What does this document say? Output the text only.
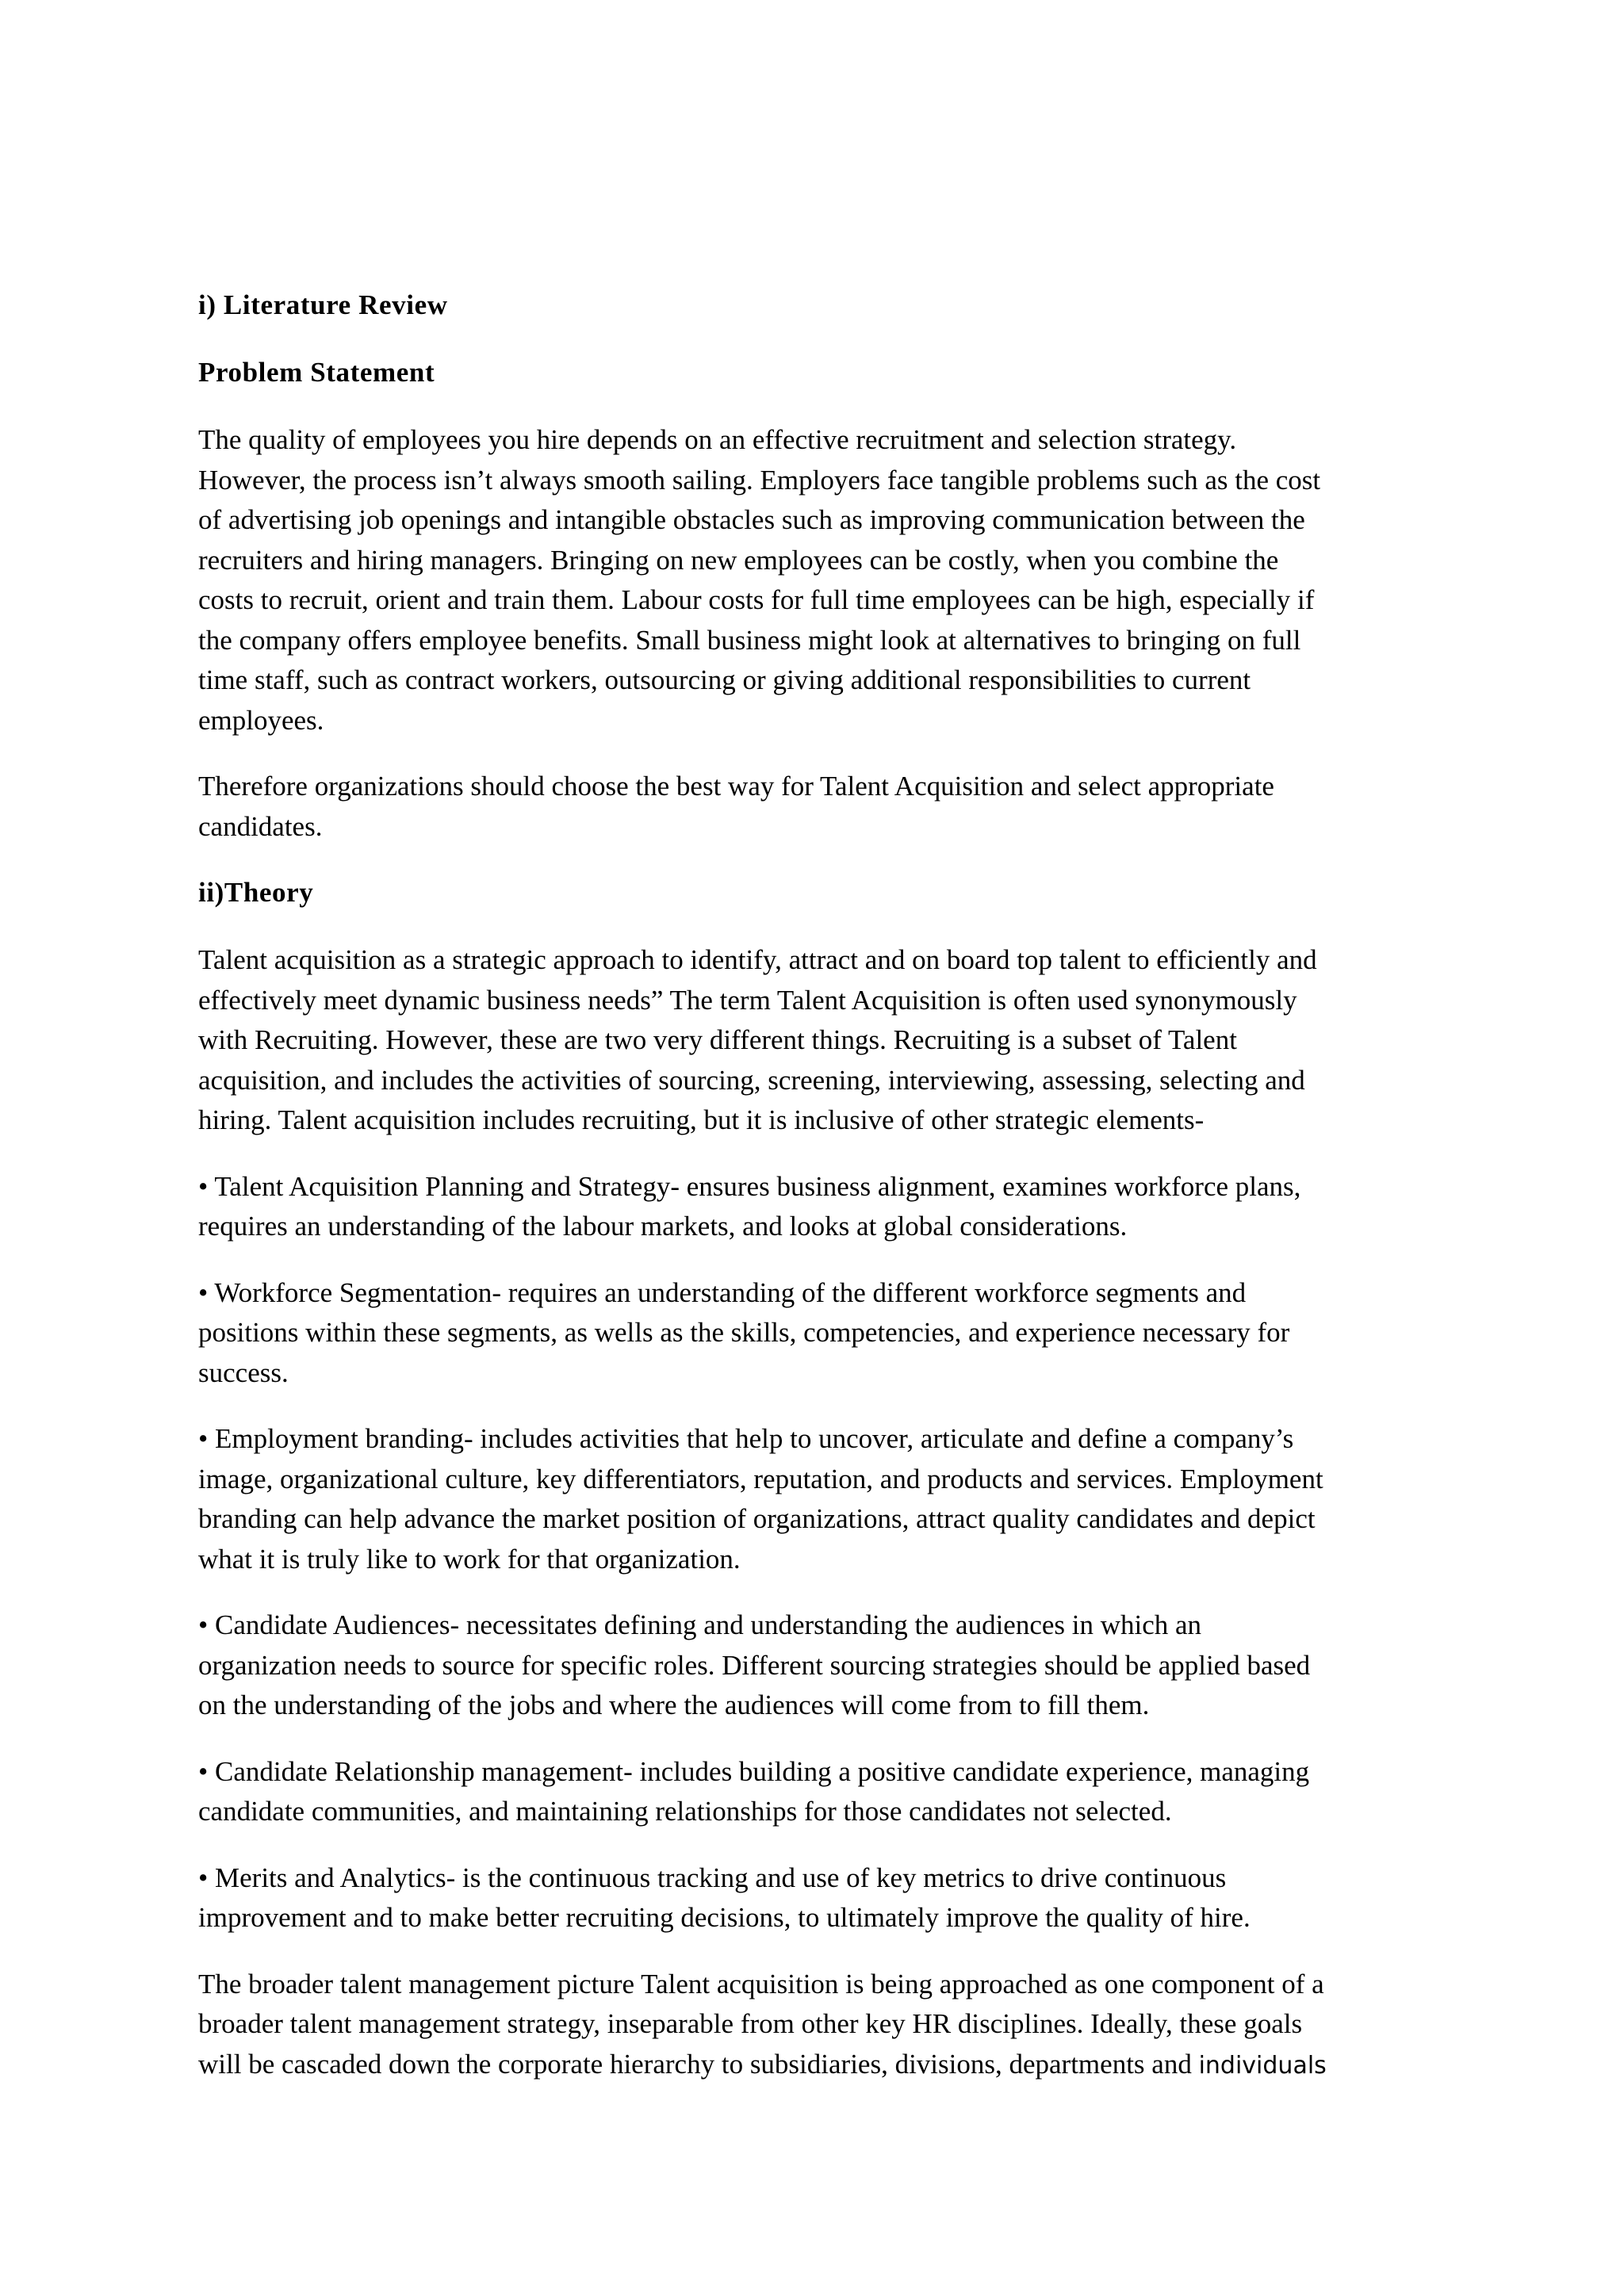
i) Literature Review
Problem Statement
The quality of employees you hire depends on an effective recruitment and selection strategy.
However, the process isn’t always smooth sailing. Employers face tangible problems such as the cost
of advertising job openings and intangible obstacles such as improving communication between the
recruiters and hiring managers. Bringing on new employees can be costly, when you combine the
costs to recruit, orient and train them. Labour costs for full time employees can be high, especially if
the company offers employee benefits. Small business might look at alternatives to bringing on full
time staff, such as contract workers, outsourcing or giving additional responsibilities to current
employees.
Therefore organizations should choose the best way for Talent Acquisition and select appropriate
candidates.
ii)Theory
Talent acquisition as a strategic approach to identify, attract and on board top talent to efficiently and
effectively meet dynamic business needs” The term Talent Acquisition is often used synonymously
with Recruiting. However, these are two very different things. Recruiting is a subset of Talent
acquisition, and includes the activities of sourcing, screening, interviewing, assessing, selecting and
hiring. Talent acquisition includes recruiting, but it is inclusive of other strategic elements-
• Talent Acquisition Planning and Strategy- ensures business alignment, examines workforce plans,
requires an understanding of the labour markets, and looks at global considerations.
• Workforce Segmentation- requires an understanding of the different workforce segments and
positions within these segments, as wells as the skills, competencies, and experience necessary for
success.
• Employment branding- includes activities that help to uncover, articulate and define a company’s
image, organizational culture, key differentiators, reputation, and products and services. Employment
branding can help advance the market position of organizations, attract quality candidates and depict
what it is truly like to work for that organization.
• Candidate Audiences- necessitates defining and understanding the audiences in which an
organization needs to source for specific roles. Different sourcing strategies should be applied based
on the understanding of the jobs and where the audiences will come from to fill them.
• Candidate Relationship management- includes building a positive candidate experience, managing
candidate communities, and maintaining relationships for those candidates not selected.
• Merits and Analytics- is the continuous tracking and use of key metrics to drive continuous
improvement and to make better recruiting decisions, to ultimately improve the quality of hire.
The broader talent management picture Talent acquisition is being approached as one component of a
broader talent management strategy, inseparable from other key HR disciplines. Ideally, these goals
will be cascaded down the corporate hierarchy to subsidiaries, divisions, departments and individuals
